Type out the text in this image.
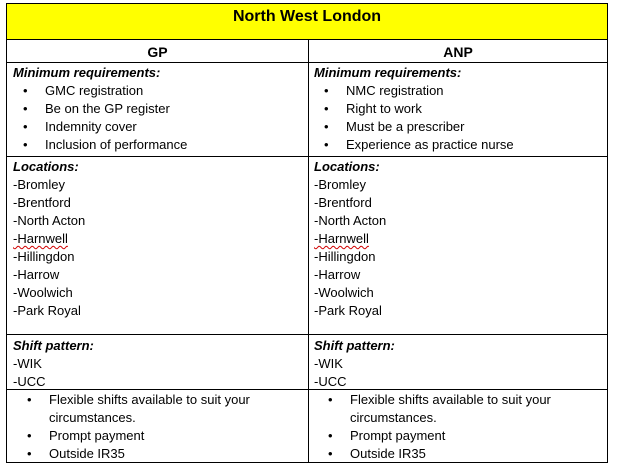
North West London
GP
Minimum requirements:
• GMC registration
• Be on the GP register
• Indemnity cover
• Inclusion of performance
Locations:
-Bromley
-Brentford
-North Acton
-Harnwell
-Hillingdon
-Harrow
-Woolwich
-Park Royal
Shift pattern:
-WIK
-UCC
• Flexible shifts available to suit your circumstances.
• Prompt payment
• Outside IR35
ANP
Minimum requirements:
• NMC registration
• Right to work
• Must be a prescriber
• Experience as practice nurse
Locations:
-Bromley
-Brentford
-North Acton
-Harnwell
-Hillingdon
-Harrow
-Woolwich
-Park Royal
Shift pattern:
-WIK
-UCC
• Flexible shifts available to suit your circumstances.
• Prompt payment
• Outside IR35
